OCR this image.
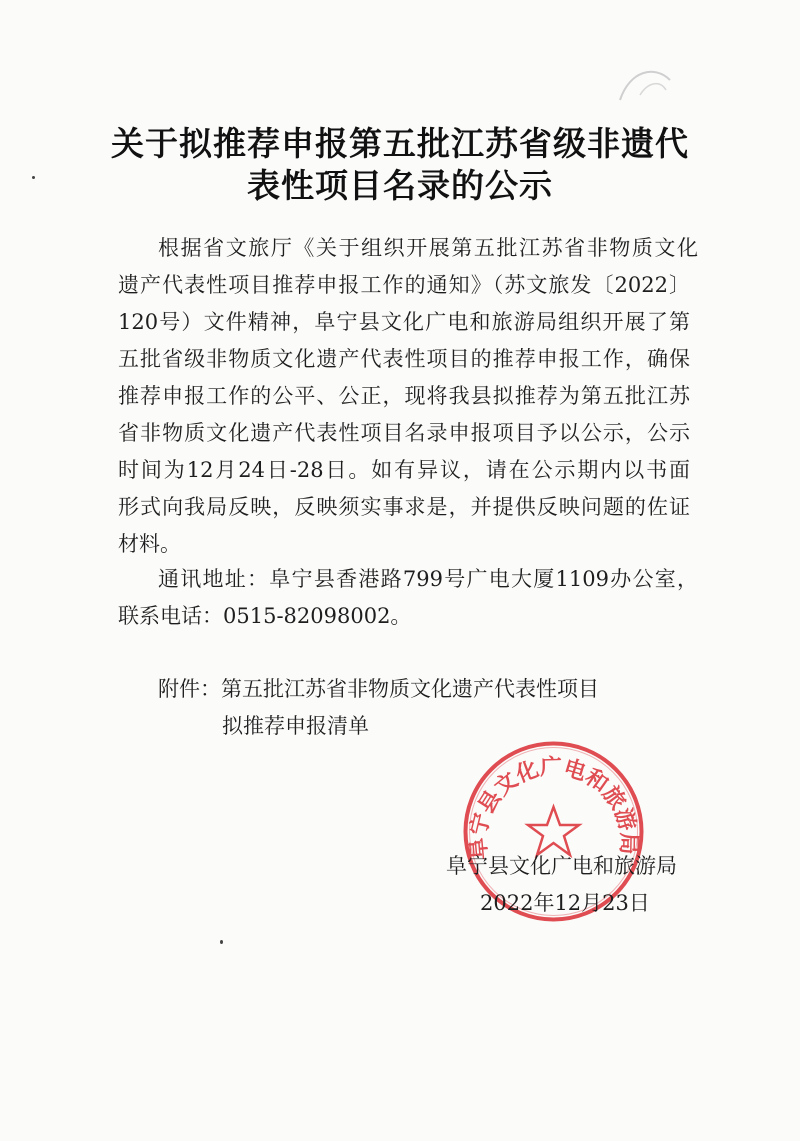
关于拟推荐申报第五批江苏省级非遗代
表性项目名录的公示
根据省文旅厅《关于组织开展第五批江苏省非物质文化
遗产代表性项目推荐申报工作的通知》（苏文旅发〔2022〕
120号）文件精神，阜宁县文化广电和旅游局组织开展了第
五批省级非物质文化遗产代表性项目的推荐申报工作，确保
推荐申报工作的公平、公正，现将我县拟推荐为第五批江苏
省非物质文化遗产代表性项目名录申报项目予以公示，公示
时间为12月24日-28日。如有异议，请在公示期内以书面
形式向我局反映，反映须实事求是，并提供反映问题的佐证
材料。
通讯地址：阜宁县香港路799号广电大厦1109办公室，
联系电话：0515-82098002。
附件：第五批江苏省非物质文化遗产代表性项目
拟推荐申报清单
阜宁县文化广电和旅游局
阜宁县文化广电和旅游局
2022年12月23日
